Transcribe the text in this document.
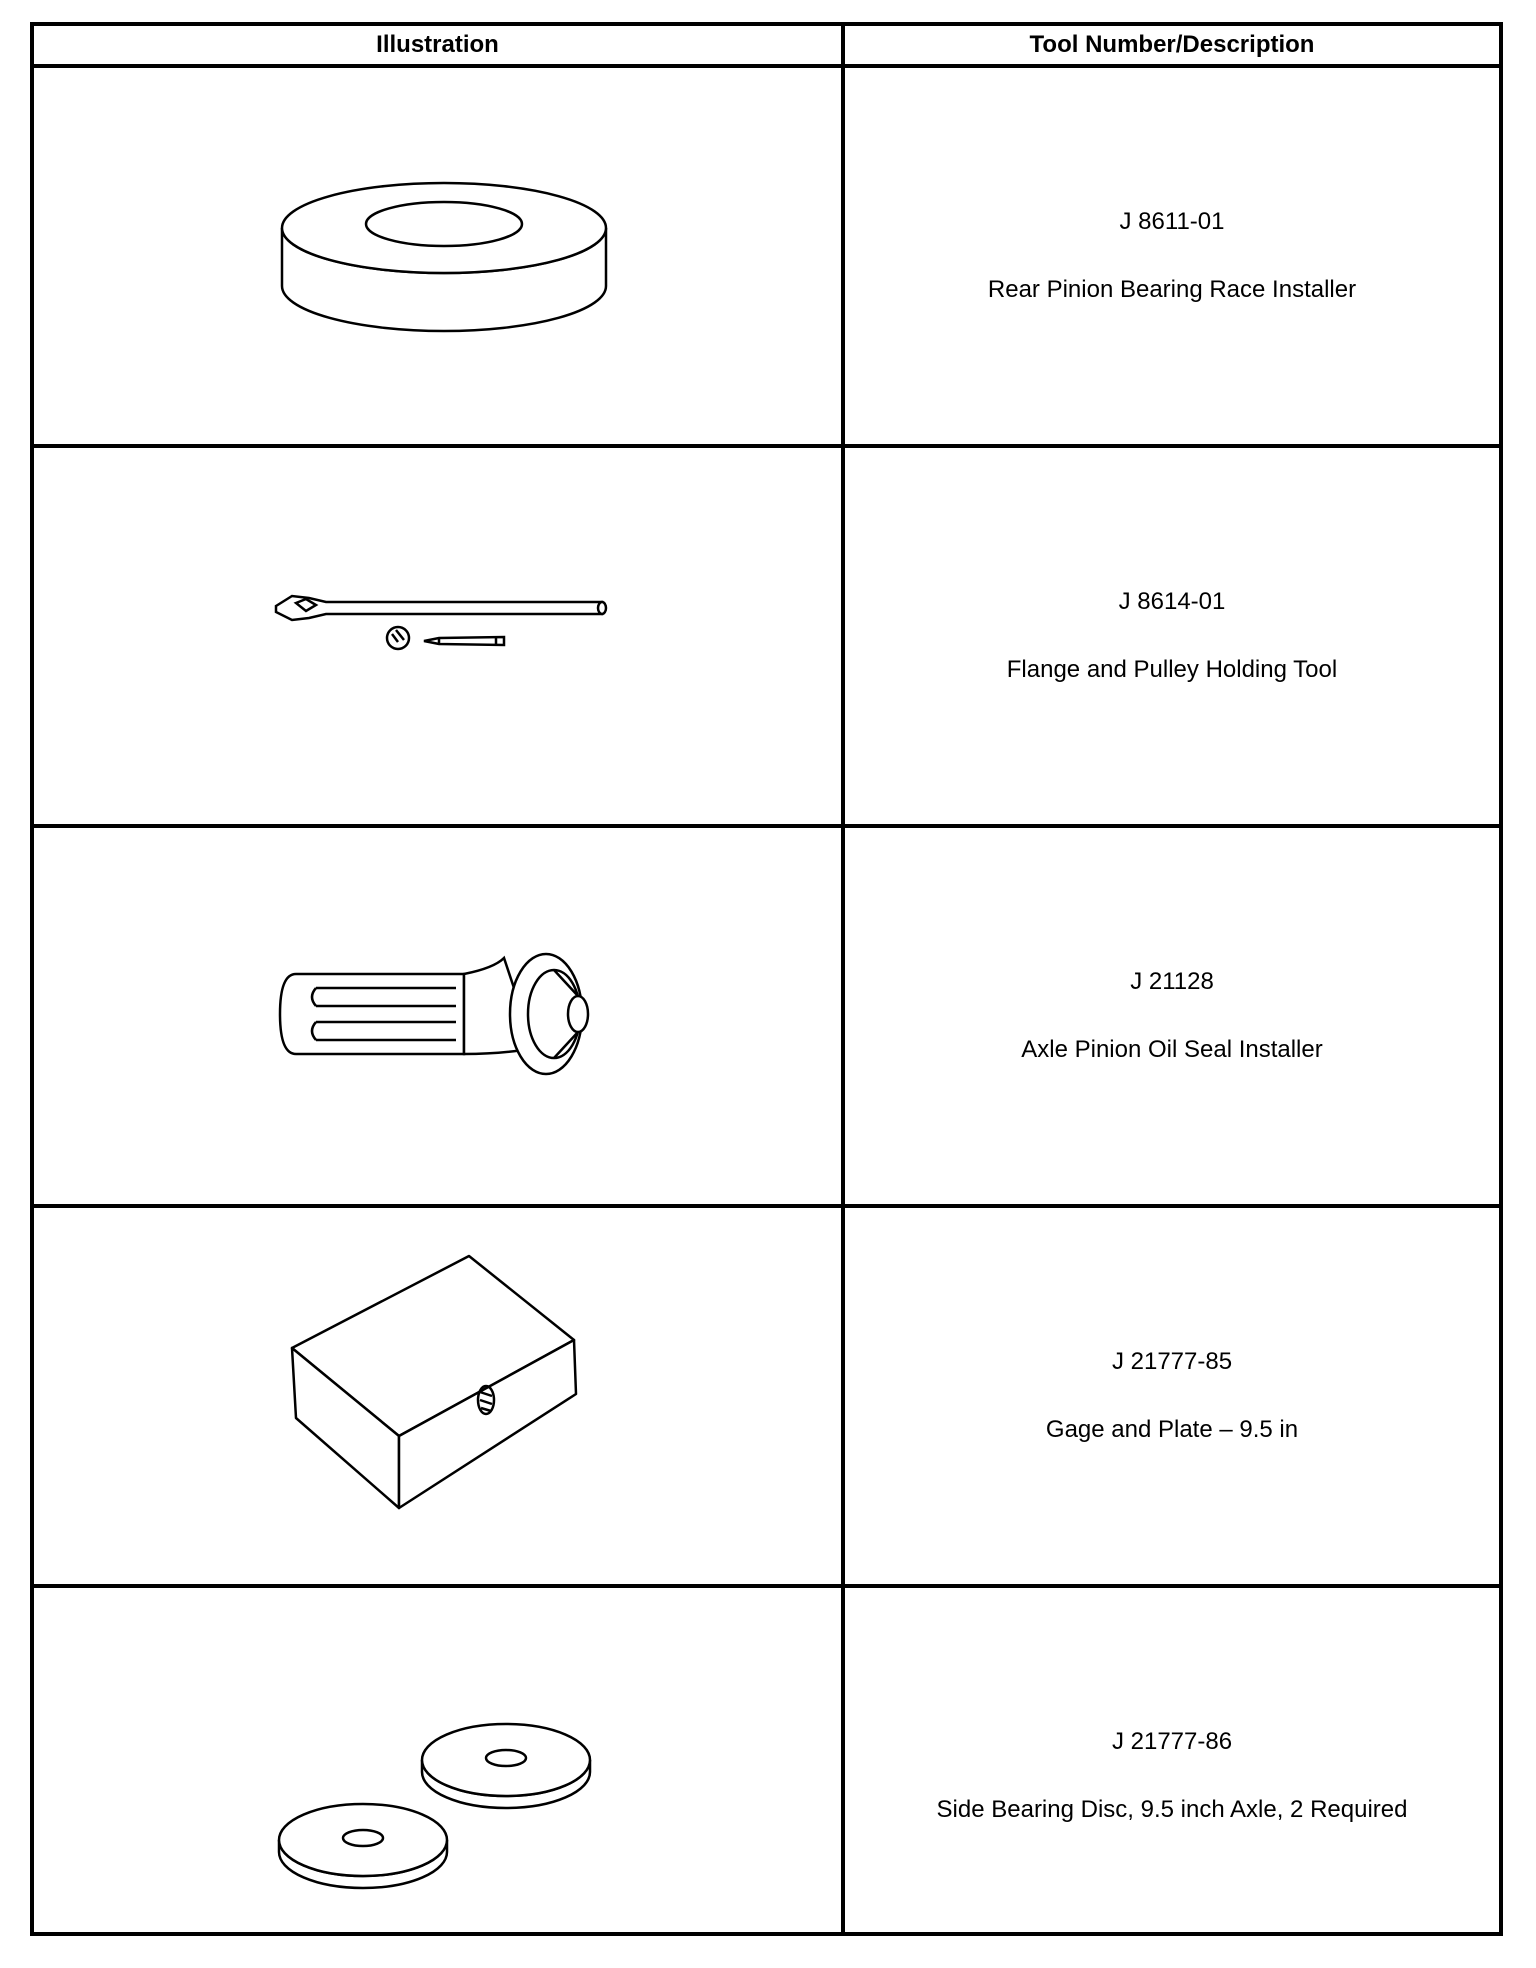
Illustration	Tool Number/Description
J 8611-01
Rear Pinion Bearing Race Installer
J 8614-01
Flange and Pulley Holding Tool
J 21128
Axle Pinion Oil Seal Installer
J 21777-85
Gage and Plate – 9.5 in
J 21777-86
Side Bearing Disc, 9.5 inch Axle, 2 Required
